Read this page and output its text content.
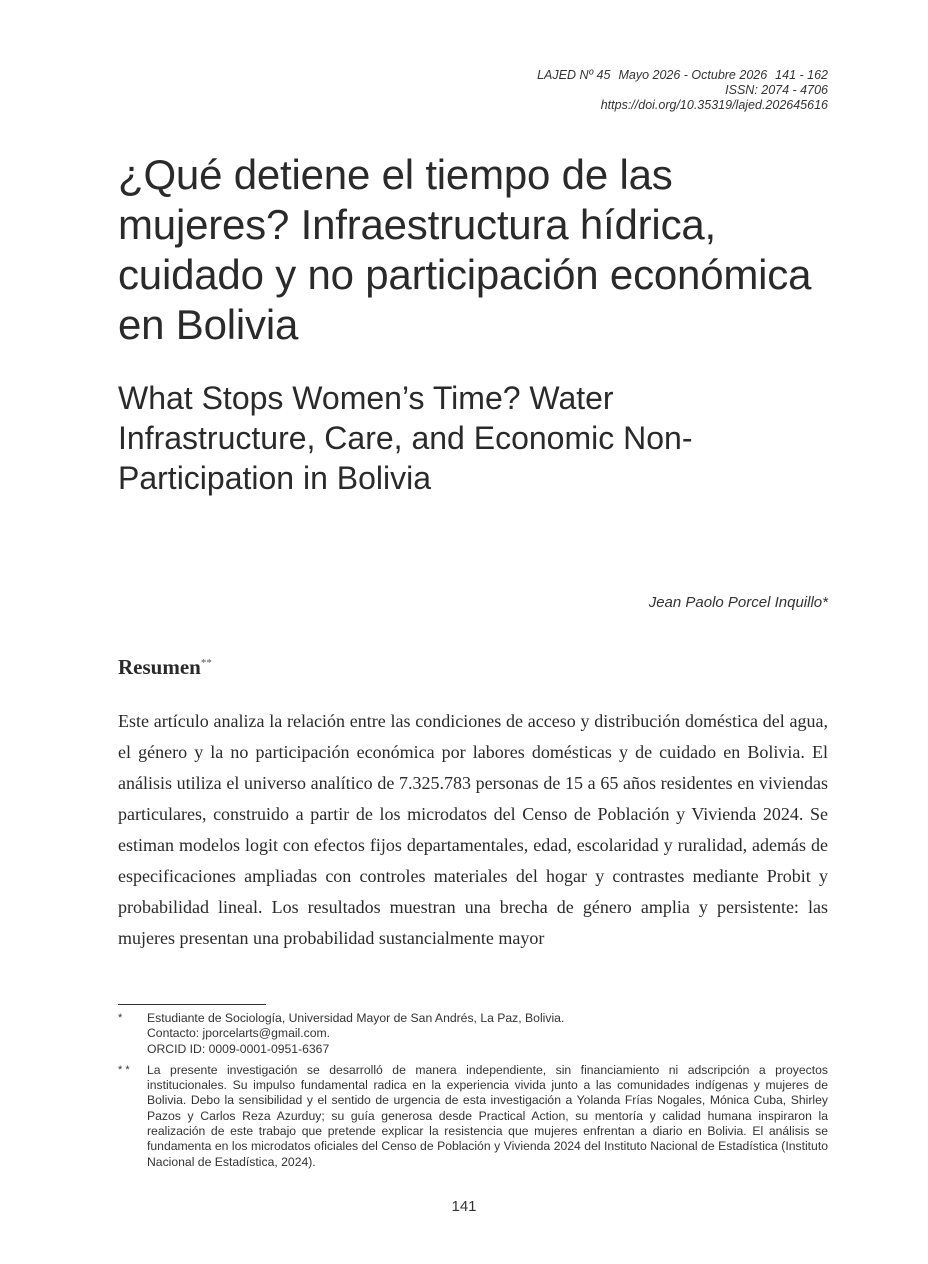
LAJED Nº 45 Mayo 2026 - Octubre 2026 141 - 162
ISSN: 2074 - 4706
https://doi.org/10.35319/lajed.202645616
¿Qué detiene el tiempo de las mujeres? Infraestructura hídrica, cuidado y no participación económica en Bolivia
What Stops Women’s Time? Water Infrastructure, Care, and Economic Non-Participation in Bolivia
Jean Paolo Porcel Inquillo*
Resumen**

Este artículo analiza la relación entre las condiciones de acceso y distribución doméstica del agua, el género y la no participación económica por labores domésticas y de cuidado en Bolivia. El análisis utiliza el universo analítico de 7.325.783 personas de 15 a 65 años residentes en viviendas particulares, construido a partir de los microdatos del Censo de Población y Vivienda 2024. Se estiman modelos logit con efectos fijos departamentales, edad, escolaridad y ruralidad, además de especificaciones ampliadas con controles materiales del hogar y contrastes mediante Probit y probabilidad lineal. Los resultados muestran una brecha de género amplia y persistente: las mujeres presentan una probabilidad sustancialmente mayor

*	Estudiante de Sociología, Universidad Mayor de San Andrés, La Paz, Bolivia.
Contacto: jporcelarts@gmail.com.
ORCID ID: 0009-0001-0951-6367
* *	La presente investigación se desarrolló de manera independiente, sin financiamiento ni adscripción a proyectos institucionales. Su impulso fundamental radica en la experiencia vivida junto a las comunidades indígenas y mujeres de Bolivia. Debo la sensibilidad y el sentido de urgencia de esta investigación a Yolanda Frías Nogales, Mónica Cuba, Shirley Pazos y Carlos Reza Azurduy; su guía generosa desde Practical Action, su mentoría y calidad humana inspiraron la realización de este trabajo que pretende explicar la resistencia que mujeres enfrentan a diario en Bolivia. El análisis se fundamenta en los microdatos oficiales del Censo de Población y Vivienda 2024 del Instituto Nacional de Estadística (Instituto Nacional de Estadística, 2024).
141
